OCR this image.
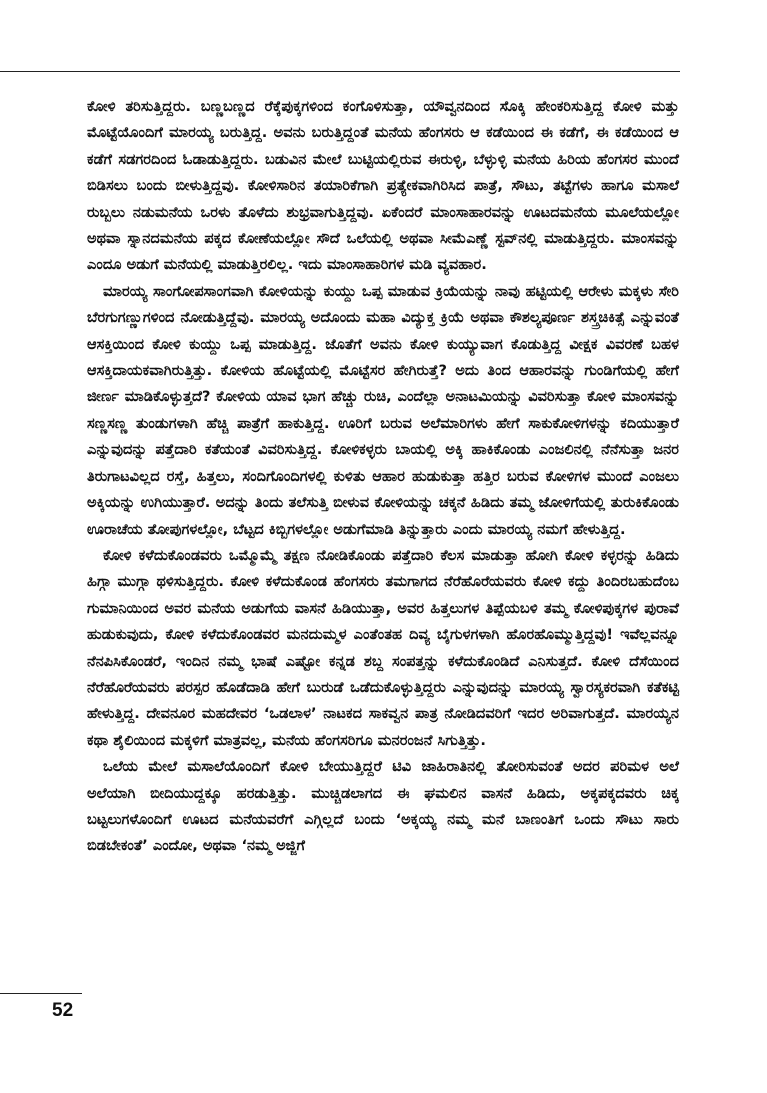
ಕೋಳಿ ತರಿಸುತ್ತಿದ್ದರು. ಬಣ್ಣಬಣ್ಣದ ರೆಕ್ಕೆಪುಕ್ಕಗಳಿಂದ ಕಂಗೊಳಿಸುತ್ತಾ, ಯೌವ್ವನದಿಂದ ಸೊಕ್ಕಿ ಹೇಂಕರಿಸುತ್ತಿದ್ದ ಕೋಳಿ ಮತ್ತು ಮೊಟ್ಟೆಯೊಂದಿಗೆ ಮಾರಯ್ಯ ಬರುತ್ತಿದ್ದ. ಅವನು ಬರುತ್ತಿದ್ದಂತೆ ಮನೆಯ ಹೆಂಗಸರು ಆ ಕಡೆಯಿಂದ ಈ ಕಡೆಗೆ, ಈ ಕಡೆಯಿಂದ ಆ ಕಡೆಗೆ ಸಡಗರದಿಂದ ಓಡಾಡುತ್ತಿದ್ದರು. ಬಡುವಿನ ಮೇಲೆ ಬುಟ್ಟಿಯಲ್ಲಿರುವ ಈರುಳ್ಳಿ, ಬೆಳ್ಳುಳ್ಳಿ ಮನೆಯ ಹಿರಿಯ ಹೆಂಗಸರ ಮುಂದೆ ಬಿಡಿಸಲು ಬಂದು ಬೀಳುತ್ತಿದ್ದವು. ಕೋಳಿಸಾರಿನ ತಯಾರಿಕೆಗಾಗಿ ಪ್ರತ್ಯೇಕವಾಗಿರಿಸಿದ ಪಾತ್ರೆ, ಸೌಟು, ತಟ್ಟೆಗಳು ಹಾಗೂ ಮಸಾಲೆ ರುಬ್ಬಲು ನಡುಮನೆಯ ಒರಳು ತೊಳೆದು ಶುಭ್ರವಾಗುತ್ತಿದ್ದವು. ಏಕೆಂದರೆ ಮಾಂಸಾಹಾರವನ್ನು ಊಟದಮನೆಯ ಮೂಲೆಯಲ್ಲೋ ಅಥವಾ ಸ್ನಾನದಮನೆಯ ಪಕ್ಕದ ಕೋಣೆಯಲ್ಲೋ ಸೌದೆ ಒಲೆಯಲ್ಲಿ ಅಥವಾ ಸೀಮೆಎಣ್ಣೆ ಸ್ಟವ್‌ನಲ್ಲಿ ಮಾಡುತ್ತಿದ್ದರು. ಮಾಂಸವನ್ನು ಎಂದೂ ಅಡುಗೆ ಮನೆಯಲ್ಲಿ ಮಾಡುತ್ತಿರಲಿಲ್ಲ. ಇದು ಮಾಂಸಾಹಾರಿಗಳ ಮಡಿ ವ್ಯವಹಾರ.

ಮಾರಯ್ಯ ಸಾಂಗೋಪಸಾಂಗವಾಗಿ ಕೋಳಿಯನ್ನು ಕುಯ್ದು ಒಪ್ಪ ಮಾಡುವ ಕ್ರಿಯೆಯನ್ನು ನಾವು ಹಟ್ಟಿಯಲ್ಲಿ ಆರೇಳು ಮಕ್ಕಳು ಸೇರಿ ಬೆರಗುಗಣ್ಣುಗಳಿಂದ ನೋಡುತ್ತಿದ್ದೆವು. ಮಾರಯ್ಯ ಅದೊಂದು ಮಹಾ ವಿದ್ಯುಕ್ತ ಕ್ರಿಯೆ ಅಥವಾ ಕೌಶಲ್ಯಪೂರ್ಣ ಶಸ್ತ್ರಚಿಕಿತ್ಸೆ ಎನ್ನುವಂತೆ ಆಸಕ್ತಿಯಿಂದ ಕೋಳಿ ಕುಯ್ದು ಒಪ್ಪ ಮಾಡುತ್ತಿದ್ದ. ಜೊತೆಗೆ ಅವನು ಕೋಳಿ ಕುಯ್ಯುವಾಗ ಕೊಡುತ್ತಿದ್ದ ವೀಕ್ಷಕ ವಿವರಣೆ ಬಹಳ ಆಸಕ್ತಿದಾಯಕವಾಗಿರುತ್ತಿತ್ತು. ಕೋಳಿಯ ಹೊಟ್ಟೆಯಲ್ಲಿ ಮೊಟ್ಟೆಸರ ಹೇಗಿರುತ್ತೆ? ಅದು ತಿಂದ ಆಹಾರವನ್ನು ಗುಂಡಿಗೆಯಲ್ಲಿ ಹೇಗೆ ಜೀರ್ಣ ಮಾಡಿಕೊಳ್ಳುತ್ತದೆ? ಕೋಳಿಯ ಯಾವ ಭಾಗ ಹೆಚ್ಚು ರುಚಿ, ಎಂದೆಲ್ಲಾ ಅನಾಟಮಿಯನ್ನು ವಿವರಿಸುತ್ತಾ ಕೋಳಿ ಮಾಂಸವನ್ನು ಸಣ್ಣಸಣ್ಣ ತುಂಡುಗಳಾಗಿ ಹೆಚ್ಚಿ ಪಾತ್ರೆಗೆ ಹಾಕುತ್ತಿದ್ದ. ಊರಿಗೆ ಬರುವ ಅಲೆಮಾರಿಗಳು ಹೇಗೆ ಸಾಕುಕೋಳಿಗಳನ್ನು ಕದಿಯುತ್ತಾರೆ ಎನ್ನುವುದನ್ನು ಪತ್ತೆದಾರಿ ಕತೆಯಂತೆ ವಿವರಿಸುತ್ತಿದ್ದ. ಕೋಳಿಕಳ್ಳರು ಬಾಯಲ್ಲಿ ಅಕ್ಕಿ ಹಾಕಿಕೊಂಡು ಎಂಜಲಿನಲ್ಲಿ ನೆನೆಸುತ್ತಾ ಜನರ ತಿರುಗಾಟವಿಲ್ಲದ ರಸ್ತೆ, ಹಿತ್ತಲು, ಸಂದಿಗೊಂದಿಗಳಲ್ಲಿ ಕುಳಿತು ಆಹಾರ ಹುಡುಕುತ್ತಾ ಹತ್ತಿರ ಬರುವ ಕೋಳಿಗಳ ಮುಂದೆ ಎಂಜಲು ಅಕ್ಕಿಯನ್ನು ಉಗಿಯುತ್ತಾರೆ. ಅದನ್ನು ತಿಂದು ತಲೆಸುತ್ತಿ ಬೀಳುವ ಕೋಳಿಯನ್ನು ಚಕ್ಕನೆ ಹಿಡಿದು ತಮ್ಮ ಜೋಳಿಗೆಯಲ್ಲಿ ತುರುಕಿಕೊಂಡು ಊರಾಚೆಯ ತೋಪುಗಳಲ್ಲೋ, ಬೆಟ್ಟದ ಕಿಬ್ಬಿಗಳಲ್ಲೋ ಅಡುಗೆಮಾಡಿ ತಿನ್ನುತ್ತಾರು ಎಂದು ಮಾರಯ್ಯ ನಮಗೆ ಹೇಳುತ್ತಿದ್ದ.

ಕೋಳಿ ಕಳೆದುಕೊಂಡವರು ಒಮ್ಮೊಮ್ಮೆ ತಕ್ಷಣ ನೋಡಿಕೊಂಡು ಪತ್ತೆದಾರಿ ಕೆಲಸ ಮಾಡುತ್ತಾ ಹೋಗಿ ಕೋಳಿ ಕಳ್ಳರನ್ನು ಹಿಡಿದು ಹಿಗ್ಗಾ ಮುಗ್ಗಾ ಥಳಿಸುತ್ತಿದ್ದರು. ಕೋಳಿ ಕಳೆದುಕೊಂಡ ಹೆಂಗಸರು ತಮಗಾಗದ ನೆರೆಹೊರೆಯವರು ಕೋಳಿ ಕದ್ದು ತಿಂದಿರಬಹುದೆಂಬ ಗುಮಾನಿಯಿಂದ ಅವರ ಮನೆಯ ಅಡುಗೆಯ ವಾಸನೆ ಹಿಡಿಯುತ್ತಾ, ಅವರ ಹಿತ್ತಲುಗಳ ತಿಪ್ಪೆಯಬಳಿ ತಮ್ಮ ಕೋಳಿಪುಕ್ಕಗಳ ಪುರಾವೆ ಹುಡುಕುವುದು, ಕೋಳಿ ಕಳೆದುಕೊಂಡವರ ಮನದುಮ್ಮಳ ಎಂತೆಂತಹ ದಿವ್ಯ ಬೈಗುಳಗಳಾಗಿ ಹೊರಹೊಮ್ಮುತ್ತಿದ್ದವು! ಇವೆಲ್ಲವನ್ನೂ ನೆನಪಿಸಿಕೊಂಡರೆ, ಇಂದಿನ ನಮ್ಮ ಭಾಷೆ ಎಷ್ಟೋ ಕನ್ನಡ ಶಬ್ದ ಸಂಪತ್ತನ್ನು ಕಳೆದುಕೊಂಡಿದೆ ಎನಿಸುತ್ತದೆ. ಕೋಳಿ ದೆಸೆಯಿಂದ ನೆರೆಹೊರೆಯವರು ಪರಸ್ಪರ ಹೊಡೆದಾಡಿ ಹೇಗೆ ಬುರುಡೆ ಒಡೆದುಕೊಳ್ಳುತ್ತಿದ್ದರು ಎನ್ನುವುದನ್ನು ಮಾರಯ್ಯ ಸ್ವಾರಸ್ಯಕರವಾಗಿ ಕತೆಕಟ್ಟಿ ಹೇಳುತ್ತಿದ್ದ. ದೇವನೂರ ಮಹದೇವರ ‘ಒಡಲಾಳ’ ನಾಟಕದ ಸಾಕವ್ವನ ಪಾತ್ರ ನೋಡಿದವರಿಗೆ ಇದರ ಅರಿವಾಗುತ್ತದೆ. ಮಾರಯ್ಯನ ಕಥಾ ಶೈಲಿಯಿಂದ ಮಕ್ಕಳಿಗೆ ಮಾತ್ರವಲ್ಲ, ಮನೆಯ ಹೆಂಗಸರಿಗೂ ಮನರಂಜನೆ ಸಿಗುತ್ತಿತ್ತು.

ಒಲೆಯ ಮೇಲೆ ಮಸಾಲೆಯೊಂದಿಗೆ ಕೋಳಿ ಬೇಯುತ್ತಿದ್ದರೆ ಟಿವಿ ಜಾಹಿರಾತಿನಲ್ಲಿ ತೋರಿಸುವಂತೆ ಅದರ ಪರಿಮಳ ಅಲೆ ಅಲೆಯಾಗಿ ಬೀದಿಯುದ್ದಕ್ಕೂ ಹರಡುತ್ತಿತ್ತು. ಮುಚ್ಚಿಡಲಾಗದ ಈ ಘಮಲಿನ ವಾಸನೆ ಹಿಡಿದು, ಅಕ್ಕಪಕ್ಕದವರು ಚಿಕ್ಕ ಬಟ್ಟಲುಗಳೊಂದಿಗೆ ಊಟದ ಮನೆಯವರೆಗೆ ಎಗ್ಗಿಲ್ಲದೆ ಬಂದು ‘ಅಕ್ಕಯ್ಯ ನಮ್ಮ ಮನೆ ಬಾಣಂತಿಗೆ ಒಂದು ಸೌಟು ಸಾರು ಬಿಡಬೇಕಂತೆ’ ಎಂದೋ, ಅಥವಾ ‘ನಮ್ಮ ಅಜ್ಜಿಗೆ

52
